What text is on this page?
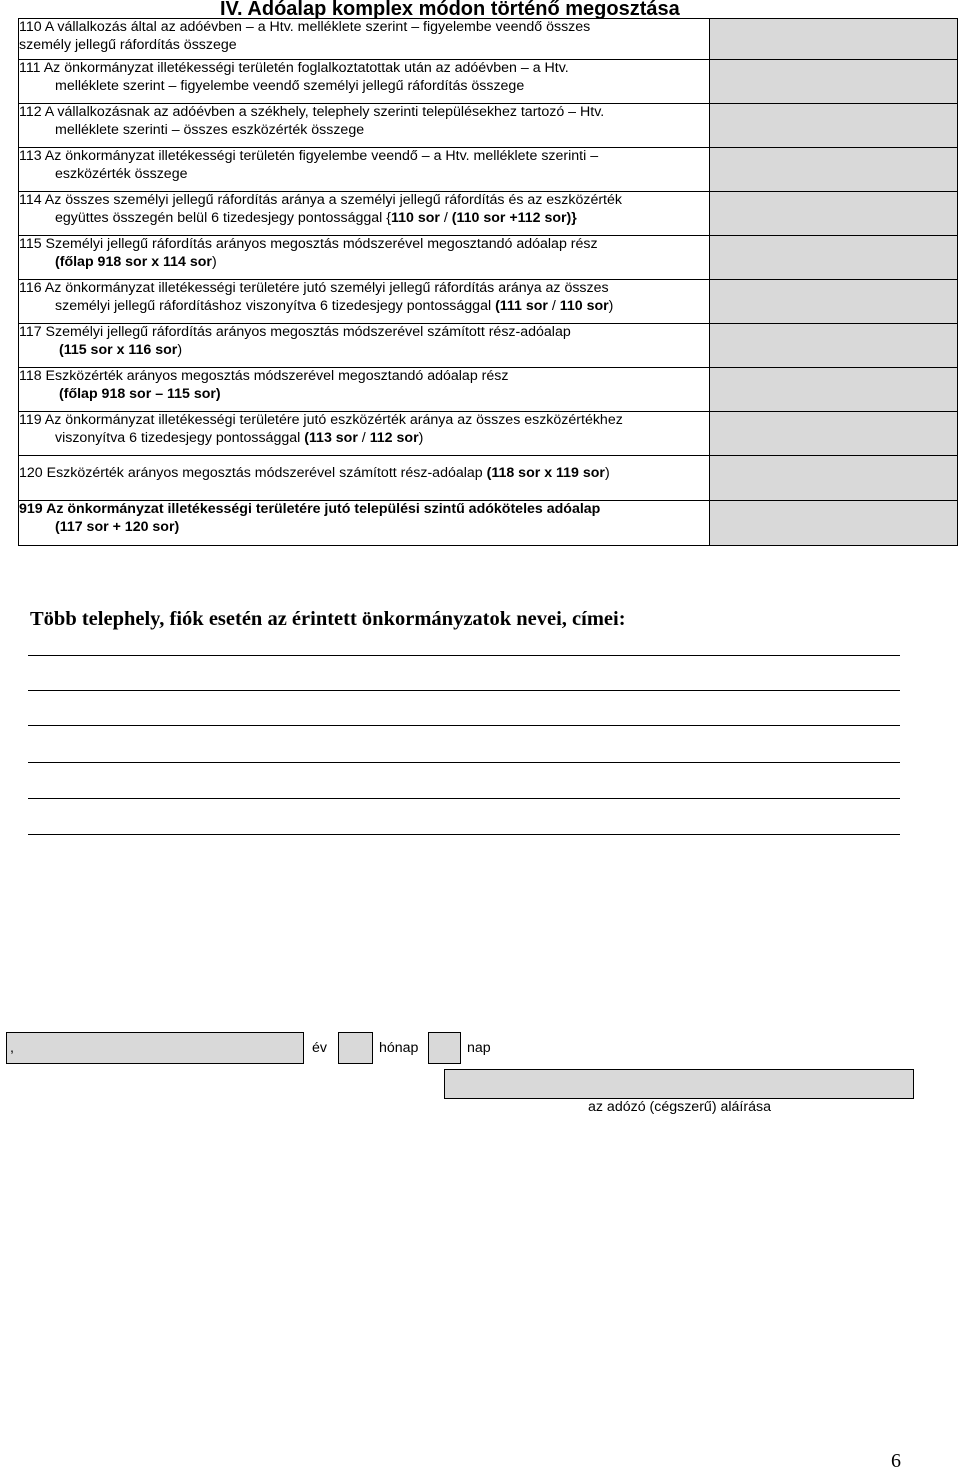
IV. Adóalap komplex módon történő megosztása
110 A vállalkozás által az adóévben – a Htv. melléklete szerint – figyelembe veendő összes
személy jellegű ráfordítás összege	

111 Az önkormányzat illetékességi területén foglalkoztatottak után az adóévben – a Htv.
melléklete szerint – figyelembe veendő személyi jellegű ráfordítás összege	

112 A vállalkozásnak az adóévben a székhely, telephely szerinti településekhez tartozó – Htv.
melléklete szerinti – összes eszközérték összege	

113 Az önkormányzat illetékességi területén figyelembe veendő – a Htv. melléklete szerinti –
eszközérték összege	

114 Az összes személyi jellegű ráfordítás aránya a személyi jellegű ráfordítás és az eszközérték
együttes összegén belül 6 tizedesjegy pontossággal {110 sor / (110 sor +112 sor)}	

115 Személyi jellegű ráfordítás arányos megosztás módszerével megosztandó adóalap rész
(főlap 918 sor x 114 sor)	

116 Az önkormányzat illetékességi területére jutó személyi jellegű ráfordítás aránya az összes
személyi jellegű ráfordításhoz viszonyítva 6 tizedesjegy pontossággal (111 sor / 110 sor)	

117 Személyi jellegű ráfordítás arányos megosztás módszerével számított rész-adóalap
(115 sor x 116 sor)	

118 Eszközérték arányos megosztás módszerével megosztandó adóalap rész
(főlap 918 sor – 115 sor)	

119 Az önkormányzat illetékességi területére jutó eszközérték aránya az összes eszközértékhez
viszonyítva 6 tizedesjegy pontossággal (113 sor / 112 sor)	

120 Eszközérték arányos megosztás módszerével számított rész-adóalap (118 sor x 119 sor)	

919 Az önkormányzat illetékességi területére jutó települési szintű adóköteles adóalap
(117 sor + 120 sor)	

Több telephely, fiók esetén az érintett önkormányzatok nevei, címei:
,	év	hónap	nap
az adózó (cégszerű) aláírása
6
